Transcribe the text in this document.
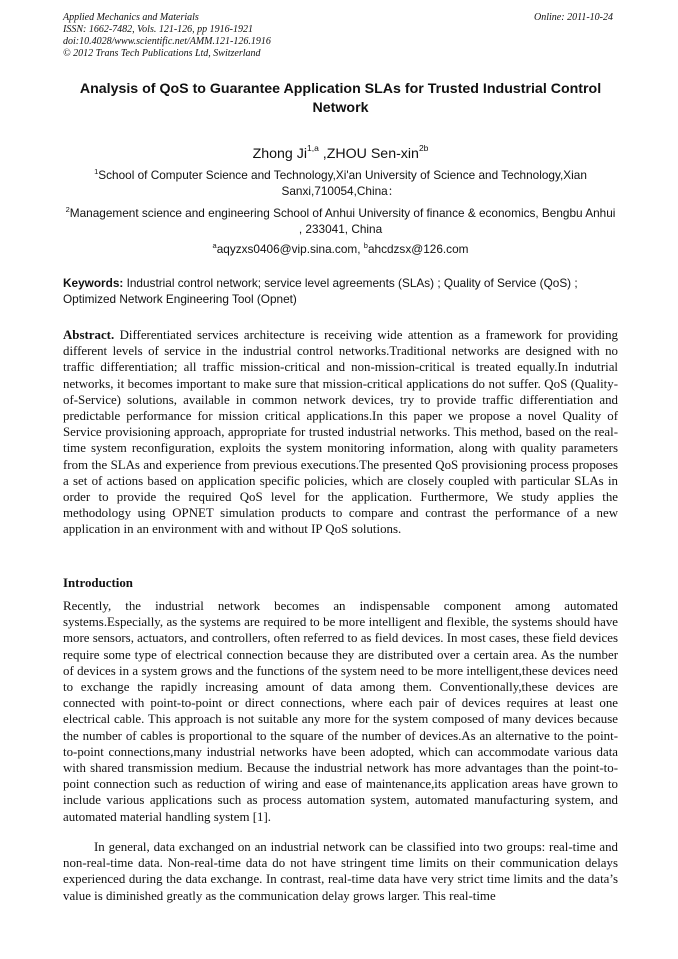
Applied Mechanics and Materials
ISSN: 1662-7482, Vols. 121-126, pp 1916-1921
doi:10.4028/www.scientific.net/AMM.121-126.1916
© 2012 Trans Tech Publications Ltd, Switzerland
Online: 2011-10-24
Analysis of QoS to Guarantee Application SLAs for Trusted Industrial Control Network
Zhong Ji$^{1,a}$ ,ZHOU Sen-xin$^{2b}$
$^1$School of Computer Science and Technology,Xi'an University of Science and Technology,Xian Sanxi,710054,China：
$^2$Management science and engineering School of Anhui University of finance & economics, Bengbu Anhui , 233041, China
$^a$aqyzxs0406@vip.sina.com, $^b$ahcdzsx@126.com
Keywords: Industrial control network; service level agreements (SLAs) ; Quality of Service (QoS) ; Optimized Network Engineering Tool (Opnet)
Abstract. Differentiated services architecture is receiving wide attention as a framework for providing different levels of service in the industrial control networks.Traditional networks are designed with no traffic differentiation; all traffic mission-critical and non-mission-critical is treated equally.In indutrial networks, it becomes important to make sure that mission-critical applications do not suffer. QoS (Quality-of-Service) solutions, available in common network devices, try to provide traffic differentiation and predictable performance for mission critical applications.In this paper we propose a novel Quality of Service provisioning approach, appropriate for trusted industrial networks. This method, based on the real-time system reconfiguration, exploits the system monitoring information, along with quality parameters from the SLAs and experience from previous executions.The presented QoS provisioning process proposes a set of actions based on application specific policies, which are closely coupled with particular SLAs in order to provide the required QoS level for the application. Furthermore, We study applies the methodology using OPNET simulation products to compare and contrast the performance of a new application in an environment with and without IP QoS solutions.
Introduction
Recently, the industrial network becomes an indispensable component among automated systems.Especially, as the systems are required to be more intelligent and flexible, the systems should have more sensors, actuators, and controllers, often referred to as field devices. In most cases, these field devices require some type of electrical connection because they are distributed over a certain area. As the number of devices in a system grows and the functions of the system need to be more intelligent,these devices need to exchange the rapidly increasing amount of data among them. Conventionally,these devices are connected with point-to-point or direct connections, where each pair of devices requires at least one electrical cable. This approach is not suitable any more for the system composed of many devices because the number of cables is proportional to the square of the number of devices.As an alternative to the point-to-point connections,many industrial networks have been adopted, which can accommodate various data with shared transmission medium. Because the industrial network has more advantages than the point-to-point connection such as reduction of wiring and ease of maintenance,its application areas have grown to include various applications such as process automation system, automated manufacturing system, and automated material handling system [1].
In general, data exchanged on an industrial network can be classified into two groups: real-time and non-real-time data. Non-real-time data do not have stringent time limits on their communication delays experienced during the data exchange. In contrast, real-time data have very strict time limits and the data’s value is diminished greatly as the communication delay grows larger. This real-time
